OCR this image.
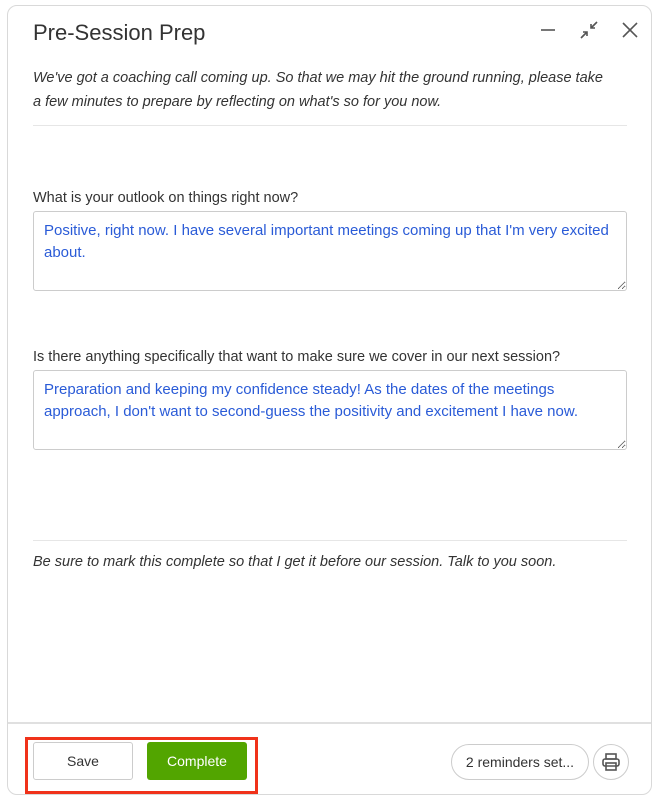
Pre-Session Prep
We've got a coaching call coming up. So that we may hit the ground running, please take a few minutes to prepare by reflecting on what's so for you now.
What is your outlook on things right now?
Positive, right now. I have several important meetings coming up that I'm very excited about.
Is there anything specifically that want to make sure we cover in our next session?
Preparation and keeping my confidence steady! As the dates of the meetings approach, I don't want to second-guess the positivity and excitement I have now.
Be sure to mark this complete so that I get it before our session. Talk to you soon.
Save	Complete	2 reminders set...
